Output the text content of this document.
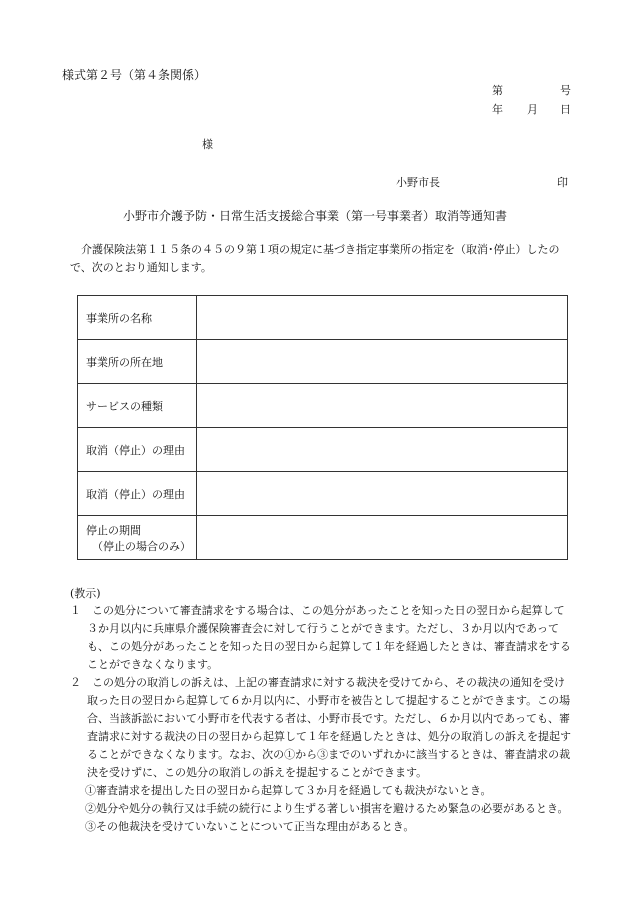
様式第２号（第４条関係）
第	号
年 月 日
様
小野市長	印
小野市介護予防・日常生活支援総合事業（第一号事業者）取消等通知書
介護保険法第１１５条の４５の９第１項の規定に基づき指定事業所の指定を（取消･停止）したので、次のとおり通知します。
事業所の名称	
事業所の所在地	
サービスの種類	
取消（停止）の理由	
取消（停止）の理由	
停止の期間
（停止の場合のみ）	

(教示)
１　 この処分について審査請求をする場合は、この処分があったことを知った日の翌日から起算して３か月以内に兵庫県介護保険審査会に対して行うことができます。ただし、３か月以内であっても、この処分があったことを知った日の翌日から起算して１年を経過したときは、審査請求をすることができなくなります。
２　 この処分の取消しの訴えは、上記の審査請求に対する裁決を受けてから、その裁決の通知を受け取った日の翌日から起算して６か月以内に、小野市を被告として提起することができます。この場合、当該訴訟において小野市を代表する者は、小野市長です。ただし、６か月以内であっても、審査請求に対する裁決の日の翌日から起算して１年を経過したときは、処分の取消しの訴えを提起することができなくなります。なお、次の①から③までのいずれかに該当するときは、審査請求の裁決を受けずに、この処分の取消しの訴えを提起することができます。
①審査請求を提出した日の翌日から起算して３か月を経過しても裁決がないとき。
②処分や処分の執行又は手続の続行により生ずる著しい損害を避けるため緊急の必要があるとき。
③その他裁決を受けていないことについて正当な理由があるとき。
